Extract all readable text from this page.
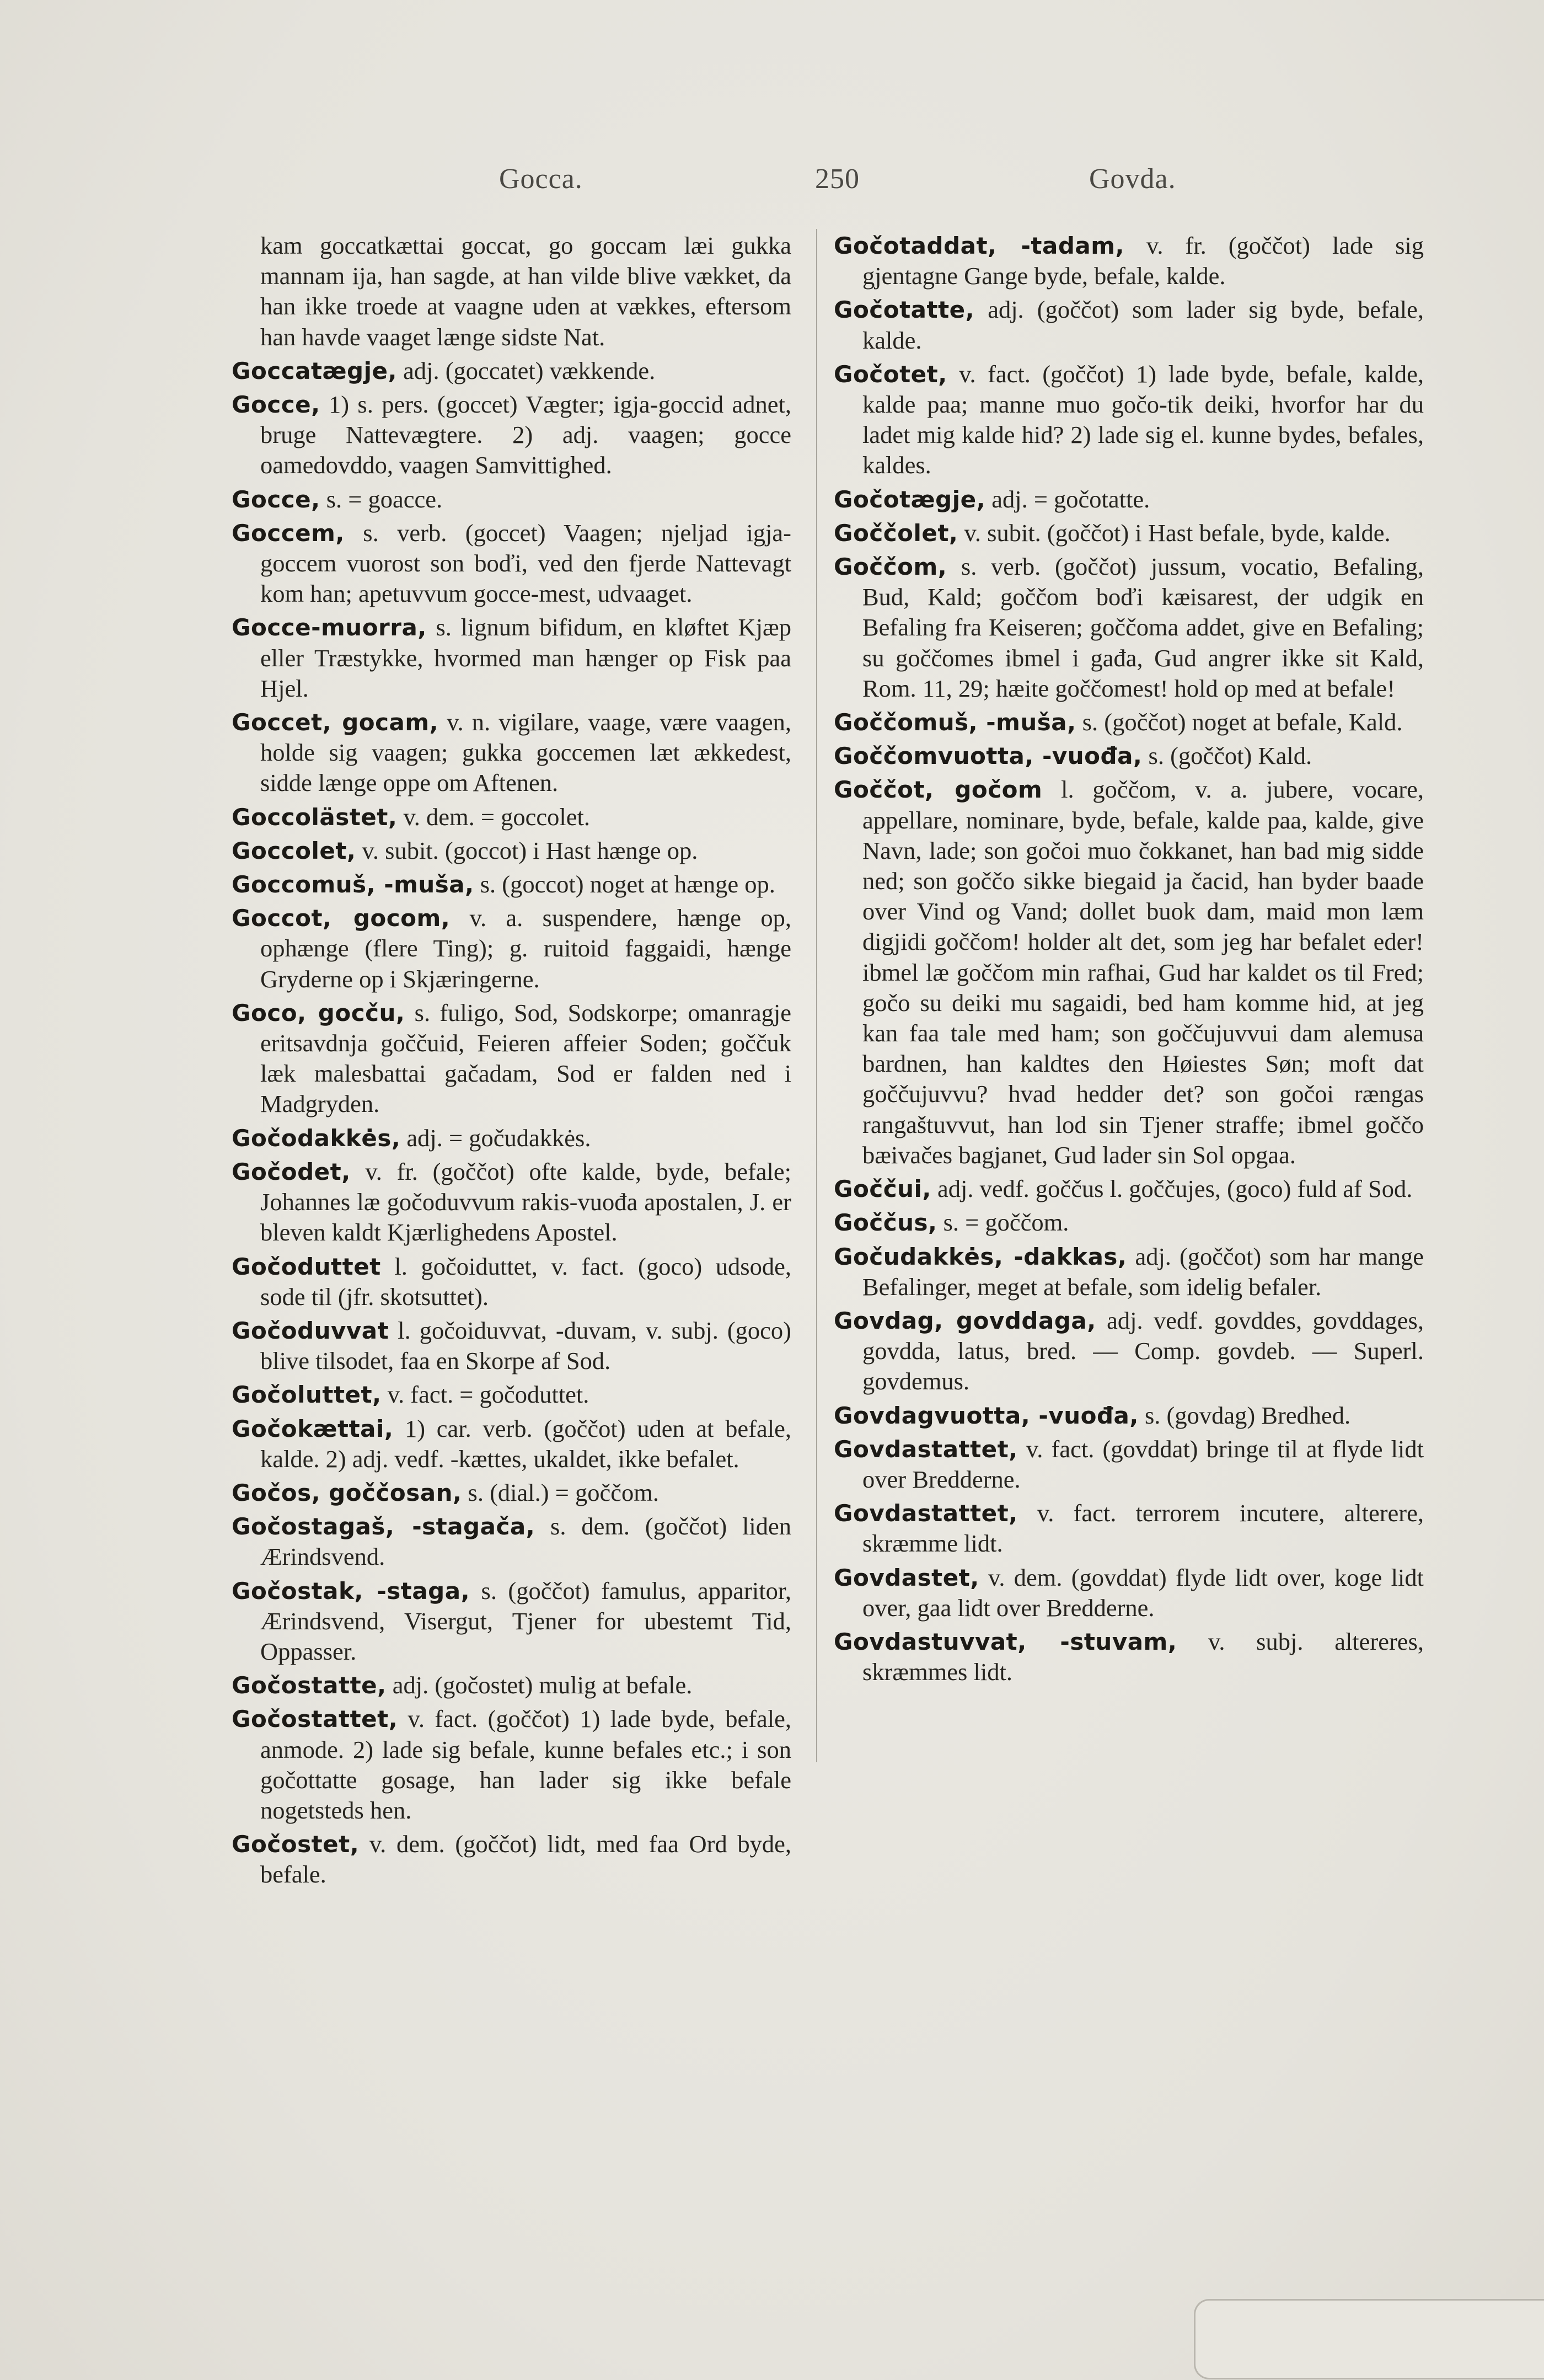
Gocca.	250	Govda.

kam goccatkættai goccat, go goccam læi gukka mannam ija, han sagde, at han vilde blive vækket, da han ikke troede at vaagne uden at vækkes, eftersom han havde vaaget længe sidste Nat.

Goccatægje, adj. (goccatet) vækkende.

Gocce, 1) s. pers. (goccet) Vægter; igja-goccid adnet, bruge Nattevægtere. 2) adj. vaagen; gocce oamedovddo, vaagen Samvittighed.

Gocce, s. = goacce.

Goccem, s. verb. (goccet) Vaagen; njeljad igja-goccem vuorost son boďi, ved den fjerde Nattevagt kom han; apetuvvum gocce-mest, udvaaget.

Gocce-muorra, s. lignum bifidum, en kløftet Kjæp eller Træstykke, hvormed man hænger op Fisk paa Hjel.

Goccet, gocam, v. n. vigilare, vaage, være vaagen, holde sig vaagen; gukka goccemen læt ækkedest, sidde længe oppe om Aftenen.

Goccolästet, v. dem. = goccolet.

Goccolet, v. subit. (goccot) i Hast hænge op.

Goccomuš, -muša, s. (goccot) noget at hænge op.

Goccot, gocom, v. a. suspendere, hænge op, ophænge (flere Ting); g. ruitoid faggaidi, hænge Gryderne op i Skjæringerne.

Goco, gocču, s. fuligo, Sod, Sodskorpe; omanragje eritsavdnja goččuid, Feieren affeier Soden; goččuk læk malesbattai gačadam, Sod er falden ned i Madgryden.

Gočodakkės, adj. = gočudakkės.

Gočodet, v. fr. (goččot) ofte kalde, byde, befale; Johannes læ gočoduvvum rakis-vuođa apostalen, J. er bleven kaldt Kjærlighedens Apostel.

Gočoduttet l. gočoiduttet, v. fact. (goco) udsode, sode til (jfr. skotsuttet).

Gočoduvvat l. gočoiduvvat, -duvam, v. subj. (goco) blive tilsodet, faa en Skorpe af Sod.

Gočoluttet, v. fact. = gočoduttet.

Gočokættai, 1) car. verb. (goččot) uden at befale, kalde. 2) adj. vedf. -kættes, ukaldet, ikke befalet.

Gočos, goččosan, s. (dial.) = goččom.

Gočostagaš, -stagača, s. dem. (goččot) liden Ærindsvend.

Gočostak, -staga, s. (goččot) famulus, apparitor, Ærindsvend, Visergut, Tjener for ubestemt Tid, Oppasser.

Gočostatte, adj. (gočostet) mulig at befale.

Gočostattet, v. fact. (goččot) 1) lade byde, befale, anmode. 2) lade sig befale, kunne befales etc.; i son gočottatte gosage, han lader sig ikke befale nogetsteds hen.

Gočostet, v. dem. (goččot) lidt, med faa Ord byde, befale.

Gočotaddat, -tadam, v. fr. (goččot) lade sig gjentagne Gange byde, befale, kalde.

Gočotatte, adj. (goččot) som lader sig byde, befale, kalde.

Gočotet, v. fact. (goččot) 1) lade byde, befale, kalde, kalde paa; manne muo gočo-tik deiki, hvorfor har du ladet mig kalde hid? 2) lade sig el. kunne bydes, befales, kaldes.

Gočotægje, adj. = gočotatte.

Goččolet, v. subit. (goččot) i Hast befale, byde, kalde.

Goččom, s. verb. (goččot) jussum, vocatio, Befaling, Bud, Kald; goččom boďi kæisarest, der udgik en Befaling fra Keiseren; goččoma addet, give en Befaling; su goččomes ibmel i gađa, Gud angrer ikke sit Kald, Rom. 11, 29; hæite goččomest! hold op med at befale!

Goččomuš, -muša, s. (goččot) noget at befale, Kald.

Goččomvuotta, -vuođa, s. (goččot) Kald.

Goččot, gočom l. goččom, v. a. jubere, vocare, appellare, nominare, byde, befale, kalde paa, kalde, give Navn, lade; son gočoi muo čokkanet, han bad mig sidde ned; son goččo sikke biegaid ja čacid, han byder baade over Vind og Vand; dollet buok dam, maid mon læm digjidi goččom! holder alt det, som jeg har befalet eder! ibmel læ goččom min rafhai, Gud har kaldet os til Fred; gočo su deiki mu sagaidi, bed ham komme hid, at jeg kan faa tale med ham; son goččujuvvui dam alemusa bardnen, han kaldtes den Høiestes Søn; moft dat goččujuvvu? hvad hedder det? son gočoi rængas rangaštuvvut, han lod sin Tjener straffe; ibmel goččo bæivačes bagjanet, Gud lader sin Sol opgaa.

Goččui, adj. vedf. goččus l. goččujes, (goco) fuld af Sod.

Goččus, s. = goččom.

Gočudakkės, -dakkas, adj. (goččot) som har mange Befalinger, meget at befale, som idelig befaler.

Govdag, govddaga, adj. vedf. govddes, govddages, govdda, latus, bred. — Comp. govdeb. — Superl. govdemus.

Govdagvuotta, -vuođa, s. (govdag) Bredhed.

Govdastattet, v. fact. (govddat) bringe til at flyde lidt over Bredderne.

Govdastattet, v. fact. terrorem incutere, alterere, skræmme lidt.

Govdastet, v. dem. (govddat) flyde lidt over, koge lidt over, gaa lidt over Bredderne.

Govdastuvvat, -stuvam, v. subj. altereres, skræmmes lidt.
